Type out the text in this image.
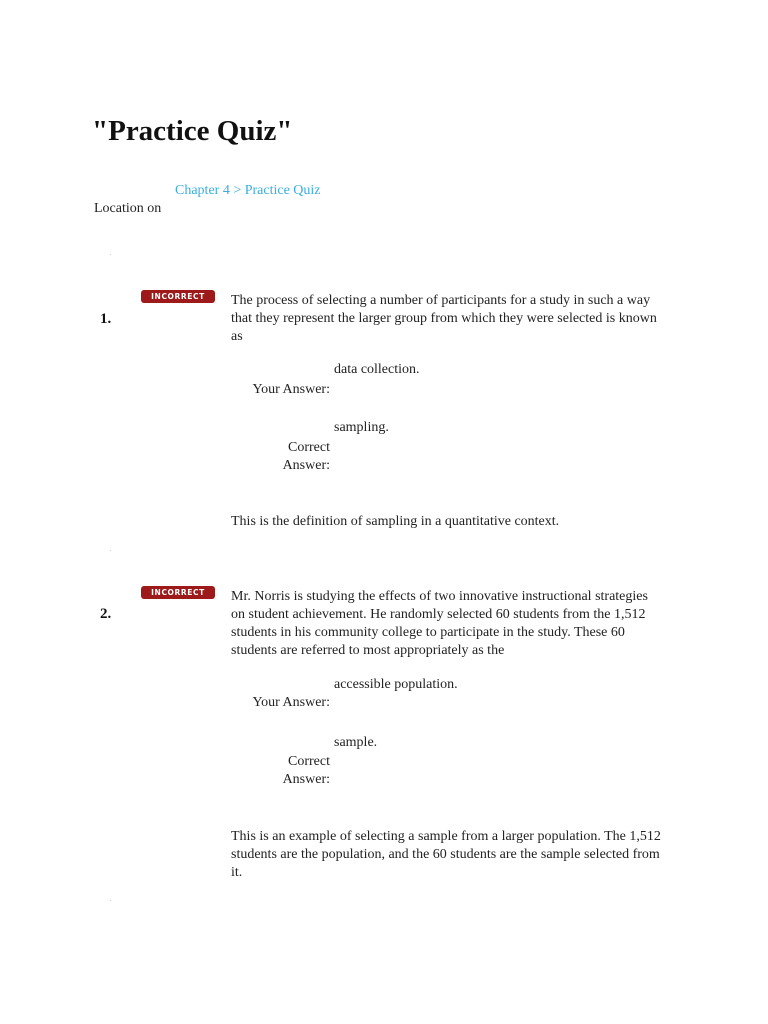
"Practice Quiz"
Chapter 4 > Practice Quiz
Location on
INCORRECT
1.
The process of selecting a number of participants for a study in such a way that they represent the larger group from which they were selected is known as
data collection.
Your Answer:
sampling.
Correct
Answer:
This is the definition of sampling in a quantitative context.
INCORRECT
2.
Mr. Norris is studying the effects of two innovative instructional strategies on student achievement. He randomly selected 60 students from the 1,512 students in his community college to participate in the study. These 60 students are referred to most appropriately as the
accessible population.
Your Answer:
sample.
Correct
Answer:
This is an example of selecting a sample from a larger population. The 1,512 students are the population, and the 60 students are the sample selected from it.
